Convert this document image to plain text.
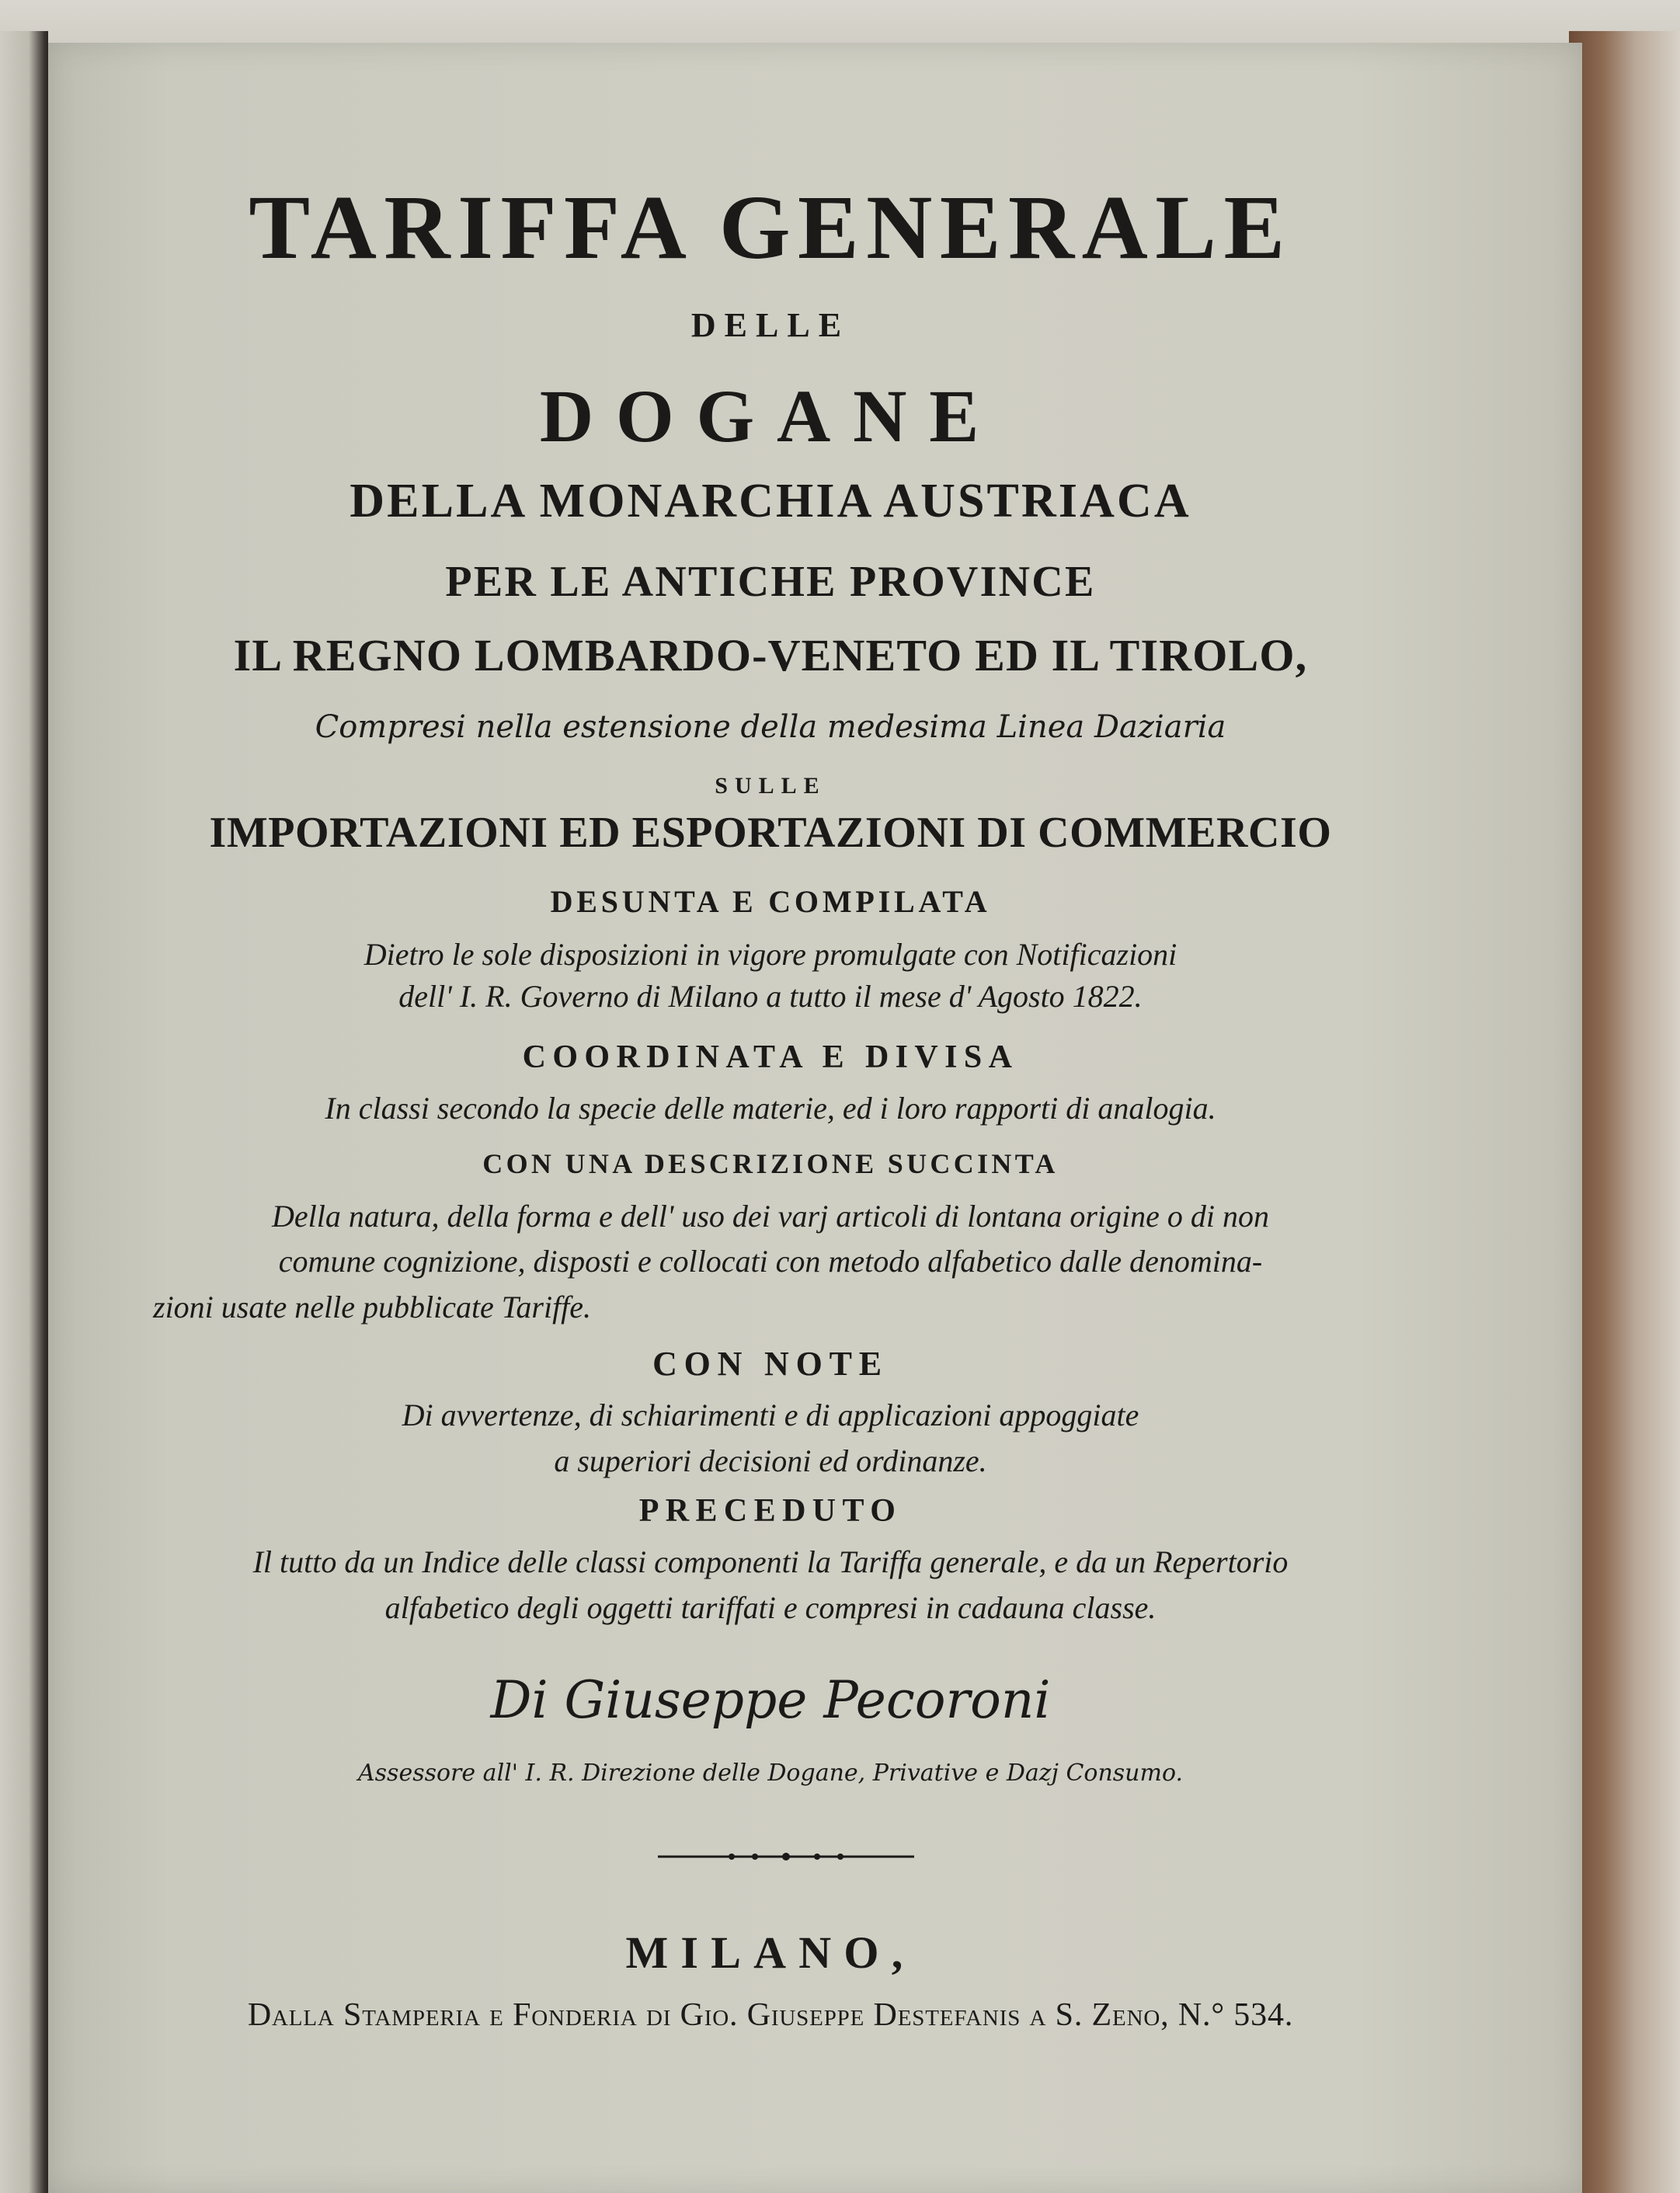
TARIFFA GENERALE
DELLE
DOGANE
DELLA MONARCHIA AUSTRIACA
PER LE ANTICHE PROVINCE
IL REGNO LOMBARDO-VENETO ED IL TIROLO,
Compresi nella estensione della medesima Linea Daziaria
SULLE
IMPORTAZIONI ED ESPORTAZIONI DI COMMERCIO
DESUNTA E COMPILATA
Dietro le sole disposizioni in vigore promulgate con Notificazioni
dell' I. R. Governo di Milano a tutto il mese d' Agosto 1822.
COORDINATA E DIVISA
In classi secondo la specie delle materie, ed i loro rapporti di analogia.
CON UNA DESCRIZIONE SUCCINTA
Della natura, della forma e dell' uso dei varj articoli di lontana origine o di non
comune cognizione, disposti e collocati con metodo alfabetico dalle denomina-
zioni usate nelle pubblicate Tariffe.
CON NOTE
Di avvertenze, di schiarimenti e di applicazioni appoggiate
a superiori decisioni ed ordinanze.
PRECEDUTO
Il tutto da un Indice delle classi componenti la Tariffa generale, e da un Repertorio
alfabetico degli oggetti tariffati e compresi in cadauna classe.
Di Giuseppe Pecoroni
Assessore all' I. R. Direzione delle Dogane, Privative e Dazj Consumo.
MILANO,
Dalla Stamperia e Fonderia di Gio. Giuseppe Destefanis a S. Zeno, N.° 534.
